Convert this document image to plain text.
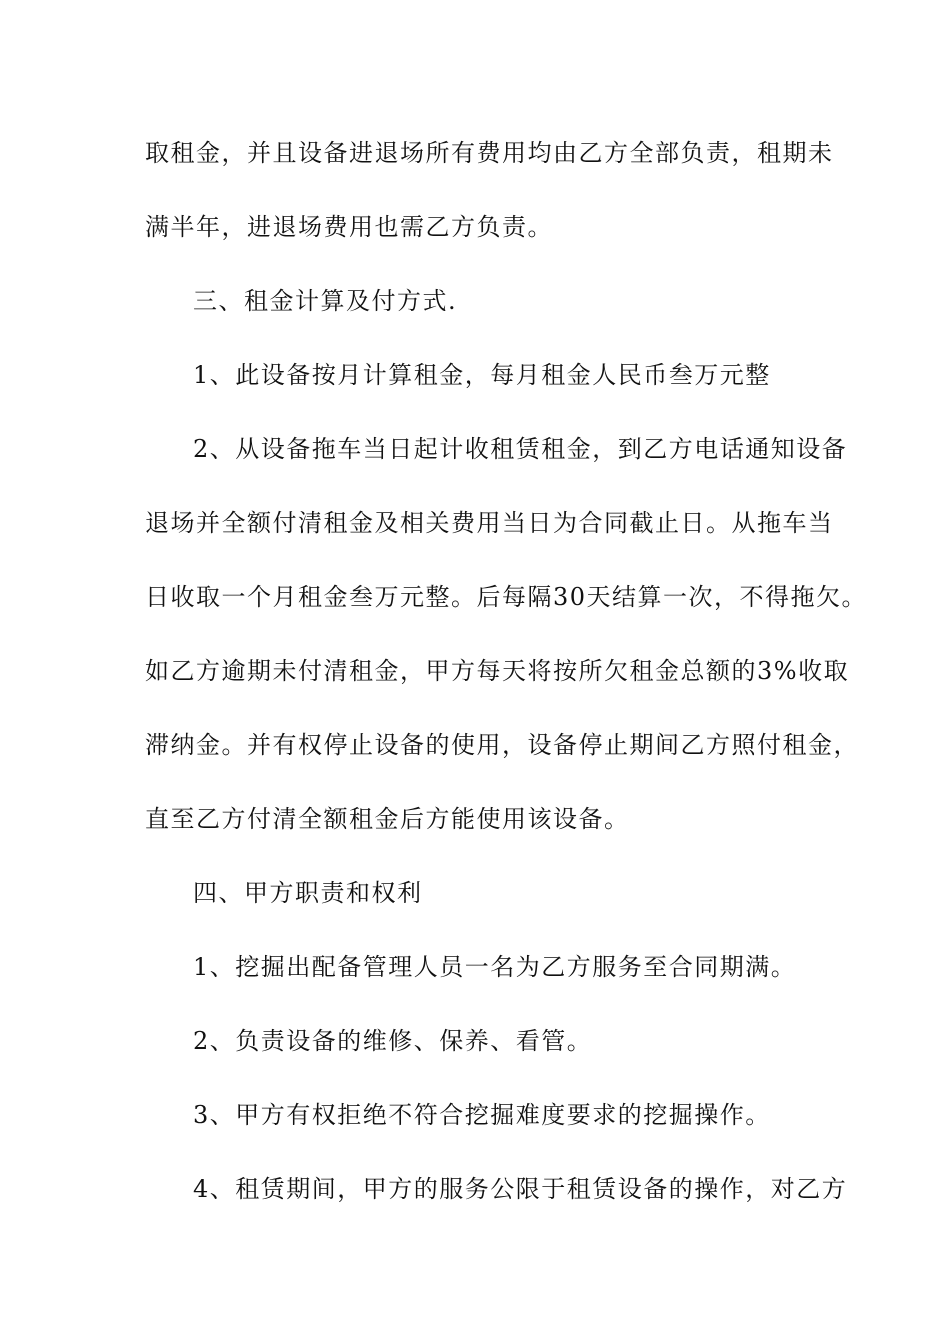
取租金，并且设备进退场所有费用均由乙方全部负责，租期未
满半年，进退场费用也需乙方负责。
三、租金计算及付方式.
1、此设备按月计算租金，每月租金人民币叁万元整
2、从设备拖车当日起计收租赁租金，到乙方电话通知设备
退场并全额付清租金及相关费用当日为合同截止日。从拖车当
日收取一个月租金叁万元整。后每隔30天结算一次，不得拖欠。
如乙方逾期未付清租金，甲方每天将按所欠租金总额的3%收取
滞纳金。并有权停止设备的使用，设备停止期间乙方照付租金，
直至乙方付清全额租金后方能使用该设备。
四、甲方职责和权利
1、挖掘出配备管理人员一名为乙方服务至合同期满。
2、负责设备的维修、保养、看管。
3、甲方有权拒绝不符合挖掘难度要求的挖掘操作。
4、租赁期间，甲方的服务公限于租赁设备的操作，对乙方
